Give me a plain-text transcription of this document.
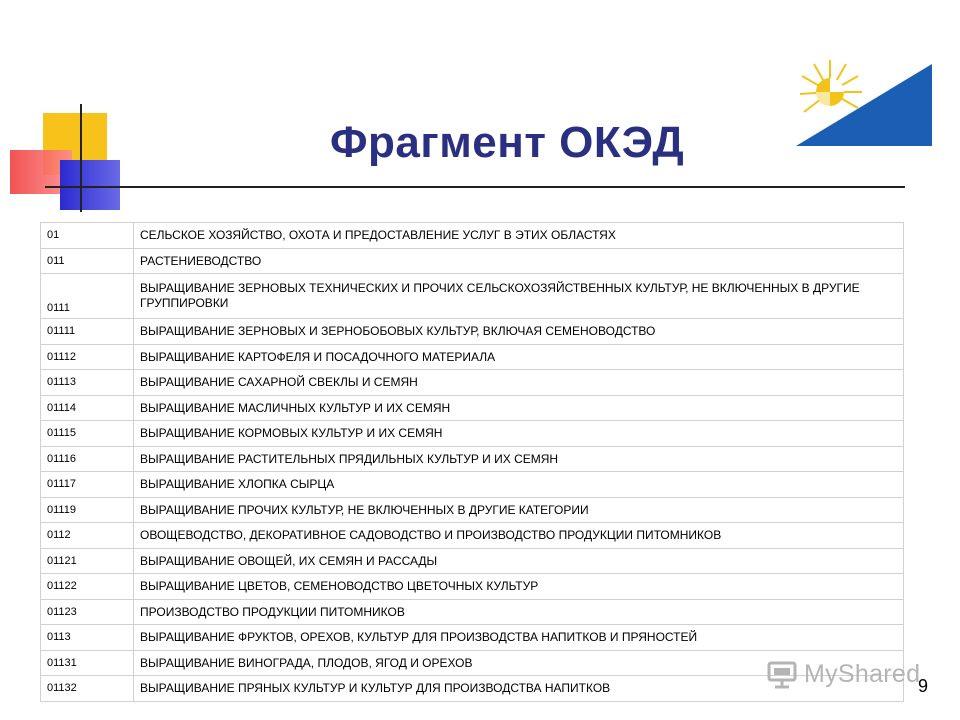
Фрагмент ОКЭД
01	СЕЛЬСКОЕ ХОЗЯЙСТВО, ОХОТА И ПРЕДОСТАВЛЕНИЕ УСЛУГ В ЭТИХ ОБЛАСТЯХ
011	РАСТЕНИЕВОДСТВО
0111	ВЫРАЩИВАНИЕ ЗЕРНОВЫХ ТЕХНИЧЕСКИХ И ПРОЧИХ СЕЛЬСКОХОЗЯЙСТВЕННЫХ КУЛЬТУР, НЕ ВКЛЮЧЕННЫХ В ДРУГИЕ ГРУППИРОВКИ
01111	ВЫРАЩИВАНИЕ ЗЕРНОВЫХ И ЗЕРНОБОБОВЫХ КУЛЬТУР, ВКЛЮЧАЯ СЕМЕНОВОДСТВО
01112	ВЫРАЩИВАНИЕ КАРТОФЕЛЯ И ПОСАДОЧНОГО МАТЕРИАЛА
01113	ВЫРАЩИВАНИЕ САХАРНОЙ СВЕКЛЫ И СЕМЯН
01114	ВЫРАЩИВАНИЕ МАСЛИЧНЫХ КУЛЬТУР И ИХ СЕМЯН
01115	ВЫРАЩИВАНИЕ КОРМОВЫХ КУЛЬТУР И ИХ СЕМЯН
01116	ВЫРАЩИВАНИЕ РАСТИТЕЛЬНЫХ ПРЯДИЛЬНЫХ КУЛЬТУР И ИХ СЕМЯН
01117	ВЫРАЩИВАНИЕ ХЛОПКА СЫРЦА
01119	ВЫРАЩИВАНИЕ ПРОЧИХ КУЛЬТУР, НЕ ВКЛЮЧЕННЫХ В ДРУГИЕ КАТЕГОРИИ
0112	ОВОЩЕВОДСТВО, ДЕКОРАТИВНОЕ САДОВОДСТВО И ПРОИЗВОДСТВО ПРОДУКЦИИ ПИТОМНИКОВ
01121	ВЫРАЩИВАНИЕ ОВОЩЕЙ, ИХ СЕМЯН И РАССАДЫ
01122	ВЫРАЩИВАНИЕ ЦВЕТОВ, СЕМЕНОВОДСТВО ЦВЕТОЧНЫХ КУЛЬТУР
01123	ПРОИЗВОДСТВО ПРОДУКЦИИ ПИТОМНИКОВ
0113	ВЫРАЩИВАНИЕ ФРУКТОВ, ОРЕХОВ, КУЛЬТУР ДЛЯ ПРОИЗВОДСТВА НАПИТКОВ И ПРЯНОСТЕЙ
01131	ВЫРАЩИВАНИЕ ВИНОГРАДА, ПЛОДОВ, ЯГОД И ОРЕХОВ
01132	ВЫРАЩИВАНИЕ ПРЯНЫХ КУЛЬТУР И КУЛЬТУР ДЛЯ ПРОИЗВОДСТВА НАПИТКОВ
MyShared
9
